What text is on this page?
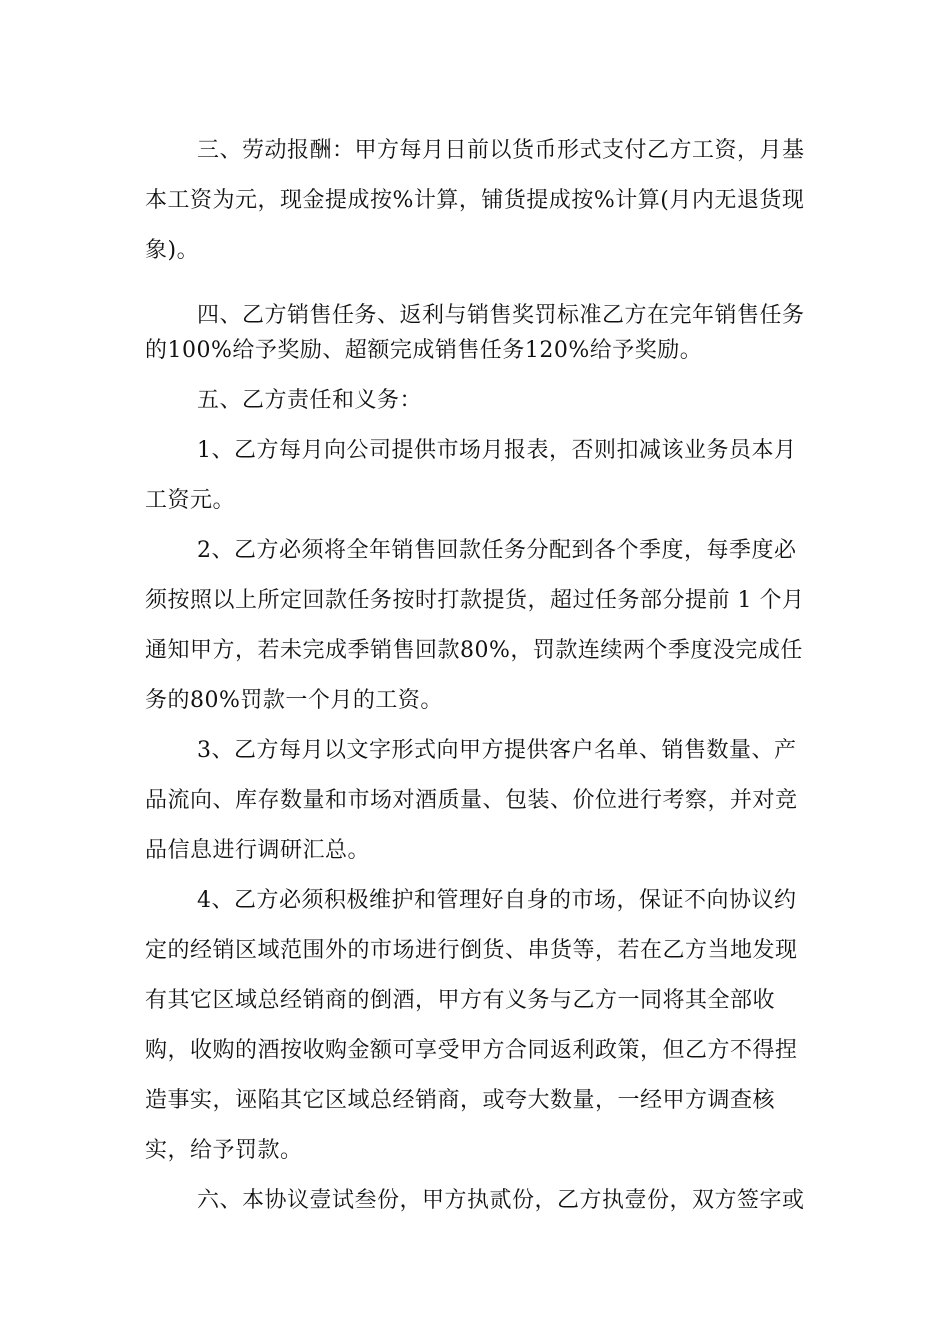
三、劳动报酬：甲方每月日前以货币形式支付乙方工资，月基
本工资为元，现金提成按%计算，铺货提成按%计算(月内无退货现
象)。
四、乙方销售任务、返利与销售奖罚标准乙方在完年销售任务
的100%给予奖励、超额完成销售任务120%给予奖励。
五、乙方责任和义务：
1、乙方每月向公司提供市场月报表，否则扣减该业务员本月
工资元。
2、乙方必须将全年销售回款任务分配到各个季度，每季度必
须按照以上所定回款任务按时打款提货，超过任务部分提前 1 个月
通知甲方，若未完成季销售回款80%，罚款连续两个季度没完成任
务的80%罚款一个月的工资。
3、乙方每月以文字形式向甲方提供客户名单、销售数量、产
品流向、库存数量和市场对酒质量、包装、价位进行考察，并对竞
品信息进行调研汇总。
4、乙方必须积极维护和管理好自身的市场，保证不向协议约
定的经销区域范围外的市场进行倒货、串货等，若在乙方当地发现
有其它区域总经销商的倒酒，甲方有义务与乙方一同将其全部收
购，收购的酒按收购金额可享受甲方合同返利政策，但乙方不得捏
造事实，诬陷其它区域总经销商，或夸大数量，一经甲方调查核
实，给予罚款。
六、本协议壹试叁份，甲方执贰份，乙方执壹份，双方签字或
